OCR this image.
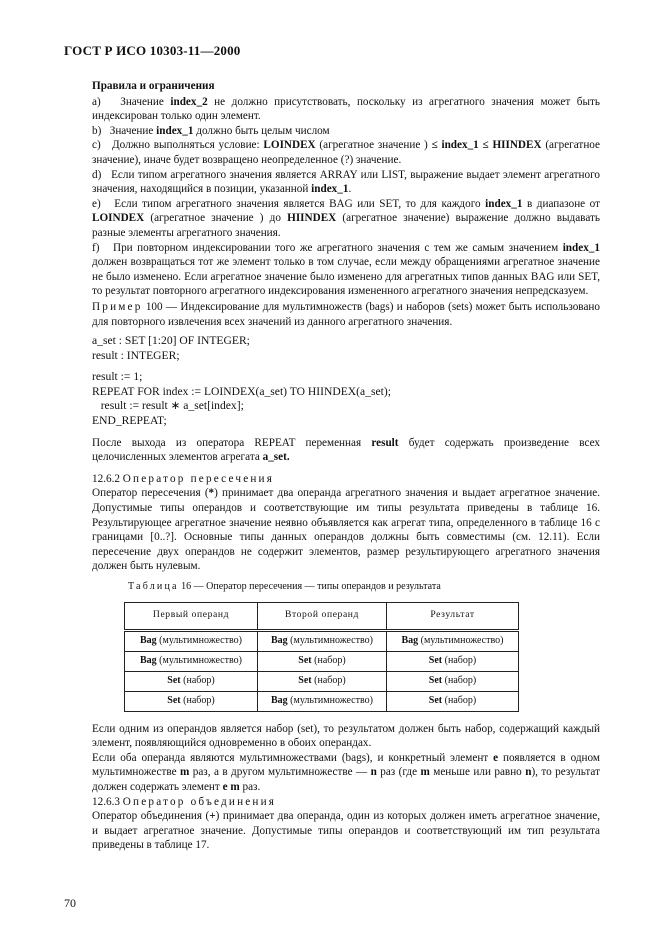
ГОСТ Р ИСО 10303-11—2000

Правила и ограничения

a)   Значение index_2 не должно присутствовать, поскольку из агрегатного значения может быть индексирован только один элемент.

b)   Значение index_1 должно быть целым числом

c)   Должно выполняться условие: LOINDEX (агрегатное значение ) ≤ index_1 ≤ HIINDEX (агрегатное значение), иначе будет возвращено неопределенное (?) значение.

d)   Если типом агрегатного значения является ARRAY или LIST, выражение выдает элемент агрегатного значения, находящийся в позиции, указанной index_1.

e)   Если типом агрегатного значения является BAG или SET, то для каждого index_1 в диапазоне от LOINDEX (агрегатное значение ) до HIINDEX (агрегатное значение) выражение должно выдавать разные элементы агрегатного значения.

f)   При повторном индексировании того же агрегатного значения с тем же самым значением index_1 должен возвращаться тот же элемент только в том случае, если между обращениями агрегатное значение не было изменено. Если агрегатное значение было изменено для агрегатных типов данных BAG или SET, то результат повторного агрегатного индексирования измененного агрегатного значения непредсказуем.

Пример 100 — Индексирование для мультимножеств (bags) и наборов (sets) может быть использовано для повторного извлечения всех значений из данного агрегатного значения.

a_set : SET [1:20] OF INTEGER;
result : INTEGER;
result := 1;
REPEAT FOR index := LOINDEX(a_set) TO HIINDEX(a_set);
result := result ∗ a_set[index];
END_REPEAT;

После выхода из оператора REPEAT переменная result будет содержать произведение всех целочисленных элементов агрегата a_set.

12.6.2 Оператор пересечения

Оператор пересечения (*) принимает два операнда агрегатного значения и выдает агрегатное значение. Допустимые типы операндов и соответствующие им типы результата приведены в таблице 16. Результирующее агрегатное значение неявно объявляется как агрегат типа, определенного в таблице 16 с границами [0..?]. Основные типы данных операндов должны быть совместимы (см. 12.11). Если пересечение двух операндов не содержит элементов, размер результирующего агрегатного значения должен быть нулевым.

Таблица 16 — Оператор пересечения — типы операндов и результата

Первый операнд	Второй операнд	Результат
Bag (мультимножество)	Bag (мультимножество)	Bag (мультимножество)
Bag (мультимножество)	Set (набор)	Set (набор)
Set (набор)	Set (набор)	Set (набор)
Set (набор)	Bag (мультимножество)	Set (набор)

Если одним из операндов является набор (set), то результатом должен быть набор, содержащий каждый элемент, появляющийся одновременно в обоих операндах.

Если оба операнда являются мультимножествами (bags), и конкретный элемент e появляется в одном мультимножестве m раз, а в другом мультимножестве — n раз (где m меньше или равно n), то результат должен содержать элемент e m раз.

12.6.3 Оператор объединения

Оператор объединения (+) принимает два операнда, один из которых должен иметь агрегатное значение, и выдает агрегатное значение. Допустимые типы операндов и соответствующий им тип результата приведены в таблице 17.

70
